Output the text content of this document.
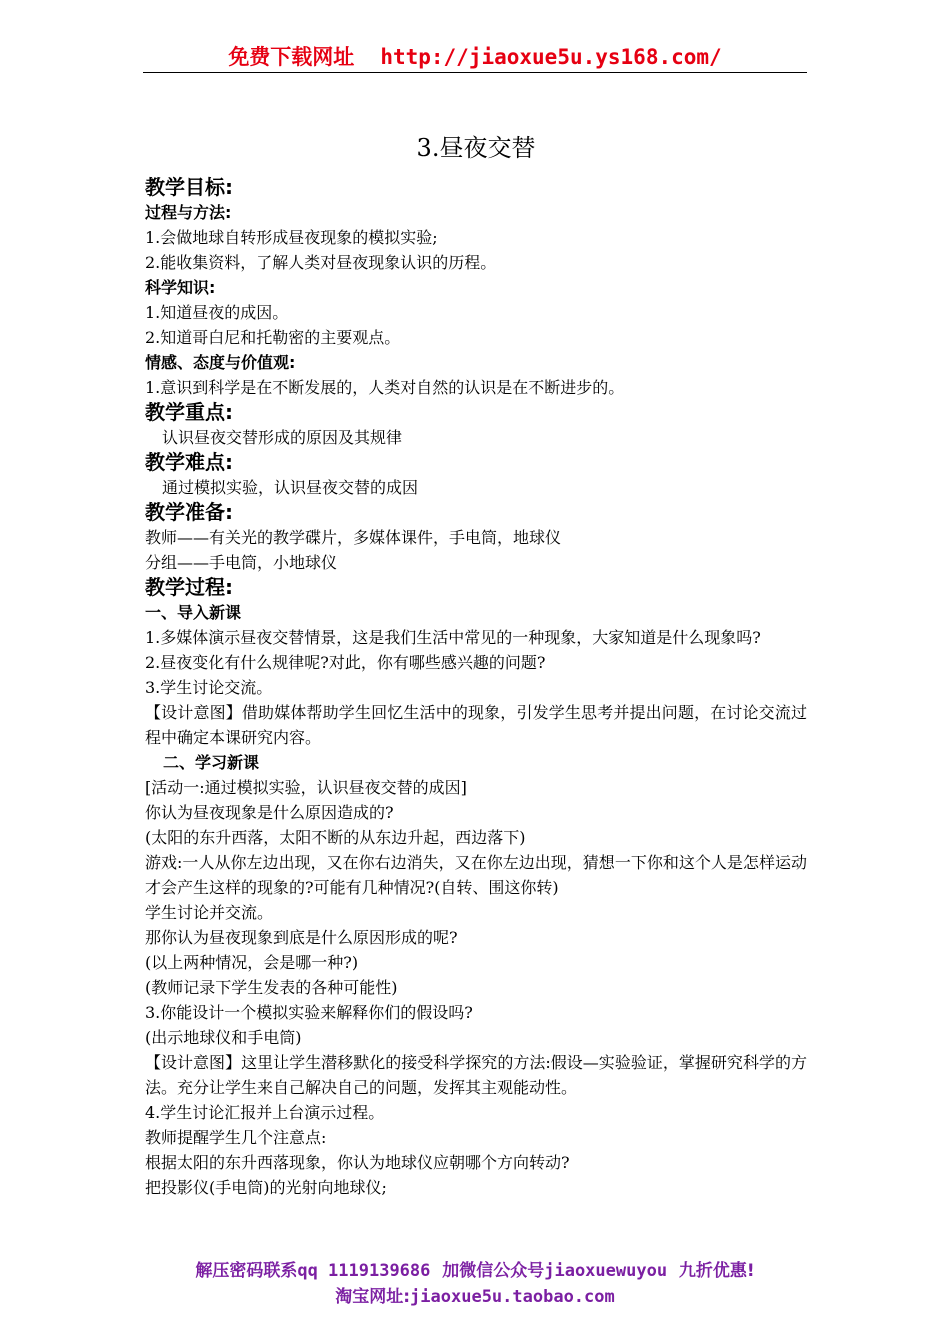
免费下载网址 http://jiaoxue5u.ys168.com/
3.昼夜交替
教学目标:
过程与方法:
1.会做地球自转形成昼夜现象的模拟实验;
2.能收集资料，了解人类对昼夜现象认识的历程。
科学知识:
1.知道昼夜的成因。
2.知道哥白尼和托勒密的主要观点。
情感、态度与价值观:
1.意识到科学是在不断发展的，人类对自然的认识是在不断进步的。
教学重点:
认识昼夜交替形成的原因及其规律
教学难点:
通过模拟实验，认识昼夜交替的成因
教学准备:
教师——有关光的教学碟片，多媒体课件，手电筒，地球仪
分组——手电筒，小地球仪
教学过程:
一、导入新课
1.多媒体演示昼夜交替情景，这是我们生活中常见的一种现象，大家知道是什么现象吗?
2.昼夜变化有什么规律呢?对此，你有哪些感兴趣的问题?
3.学生讨论交流。
【设计意图】借助媒体帮助学生回忆生活中的现象，引发学生思考并提出问题，在讨论交流过程中确定本课研究内容。
二、学习新课
[活动一:通过模拟实验，认识昼夜交替的成因]
你认为昼夜现象是什么原因造成的?
(太阳的东升西落，太阳不断的从东边升起，西边落下)
游戏:一人从你左边出现，又在你右边消失，又在你左边出现，猜想一下你和这个人是怎样运动才会产生这样的现象的?可能有几种情况?(自转、围这你转)
学生讨论并交流。
那你认为昼夜现象到底是什么原因形成的呢?
(以上两种情况，会是哪一种?)
(教师记录下学生发表的各种可能性)
3.你能设计一个模拟实验来解释你们的假设吗?
(出示地球仪和手电筒)
【设计意图】这里让学生潜移默化的接受科学探究的方法:假设—实验验证，掌握研究科学的方法。充分让学生来自己解决自己的问题，发挥其主观能动性。
4.学生讨论汇报并上台演示过程。
教师提醒学生几个注意点:
根据太阳的东升西落现象，你认为地球仪应朝哪个方向转动?
把投影仪(手电筒)的光射向地球仪;
解压密码联系qq 1119139686 加微信公众号jiaoxuewuyou 九折优惠!
淘宝网址:jiaoxue5u.taobao.com
